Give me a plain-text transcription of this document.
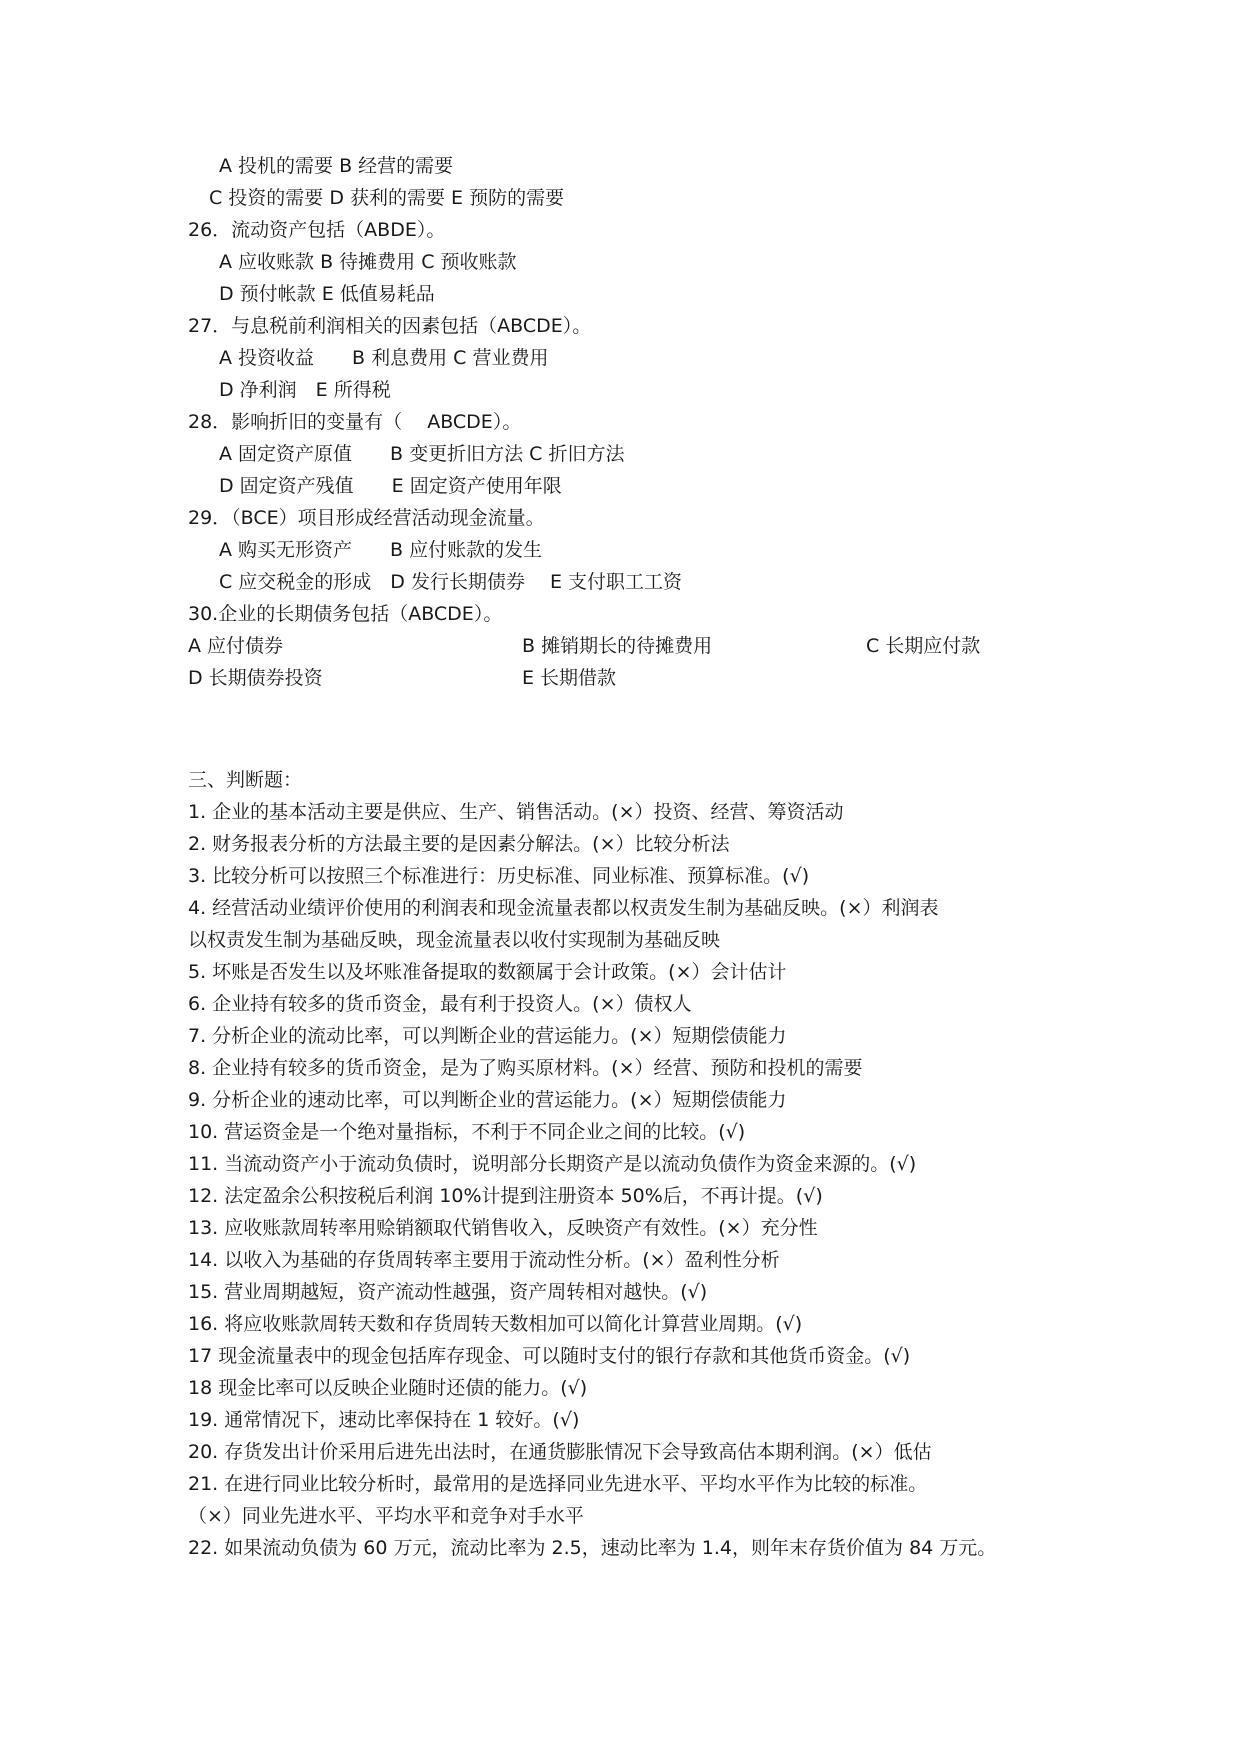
A 投机的需要 B 经营的需要
C 投资的需要 D 获利的需要 E 预防的需要
26．流动资产包括（ABDE）。
A 应收账款 B 待摊费用 C 预收账款
D 预付帐款 E 低值易耗品
27．与息税前利润相关的因素包括（ABCDE）。
A 投资收益　　B 利息费用 C 营业费用
D 净利润　E 所得税
28．影响折旧的变量有（　 ABCDE）。
A 固定资产原值　　B 变更折旧方法 C 折旧方法
D 固定资产残值　　E 固定资产使用年限
29．（BCE）项目形成经营活动现金流量。
A 购买无形资产　　B 应付账款的发生
C 应交税金的形成　D 发行长期债券　 E 支付职工工资
30.企业的长期债务包括（ABCDE）。
A 应付债券	B 摊销期长的待摊费用	C 长期应付款
D 长期债券投资	E 长期借款
三、判断题：
1. 企业的基本活动主要是供应、生产、销售活动。(×）投资、经营、筹资活动
2. 财务报表分析的方法最主要的是因素分解法。(×）比较分析法
3. 比较分析可以按照三个标准进行：历史标准、同业标准、预算标准。(√)
4. 经营活动业绩评价使用的利润表和现金流量表都以权责发生制为基础反映。(×）利润表
以权责发生制为基础反映，现金流量表以收付实现制为基础反映
5. 坏账是否发生以及坏账准备提取的数额属于会计政策。(×）会计估计
6. 企业持有较多的货币资金，最有利于投资人。(×）债权人
7. 分析企业的流动比率，可以判断企业的营运能力。(×）短期偿债能力
8. 企业持有较多的货币资金，是为了购买原材料。(×）经营、预防和投机的需要
9. 分析企业的速动比率，可以判断企业的营运能力。(×）短期偿债能力
10. 营运资金是一个绝对量指标，不利于不同企业之间的比较。(√)
11. 当流动资产小于流动负债时，说明部分长期资产是以流动负债作为资金来源的。(√)
12. 法定盈余公积按税后利润 10%计提到注册资本 50%后，不再计提。(√)
13. 应收账款周转率用赊销额取代销售收入，反映资产有效性。(×）充分性
14. 以收入为基础的存货周转率主要用于流动性分析。(×）盈利性分析
15. 营业周期越短，资产流动性越强，资产周转相对越快。(√)
16. 将应收账款周转天数和存货周转天数相加可以简化计算营业周期。(√)
17 现金流量表中的现金包括库存现金、可以随时支付的银行存款和其他货币资金。(√)
18 现金比率可以反映企业随时还债的能力。(√)
19. 通常情况下，速动比率保持在 1 较好。(√)
20. 存货发出计价采用后进先出法时，在通货膨胀情况下会导致高估本期利润。(×）低估
21. 在进行同业比较分析时，最常用的是选择同业先进水平、平均水平作为比较的标准。
（×）同业先进水平、平均水平和竞争对手水平
22. 如果流动负债为 60 万元，流动比率为 2.5，速动比率为 1.4，则年末存货价值为 84 万元。
